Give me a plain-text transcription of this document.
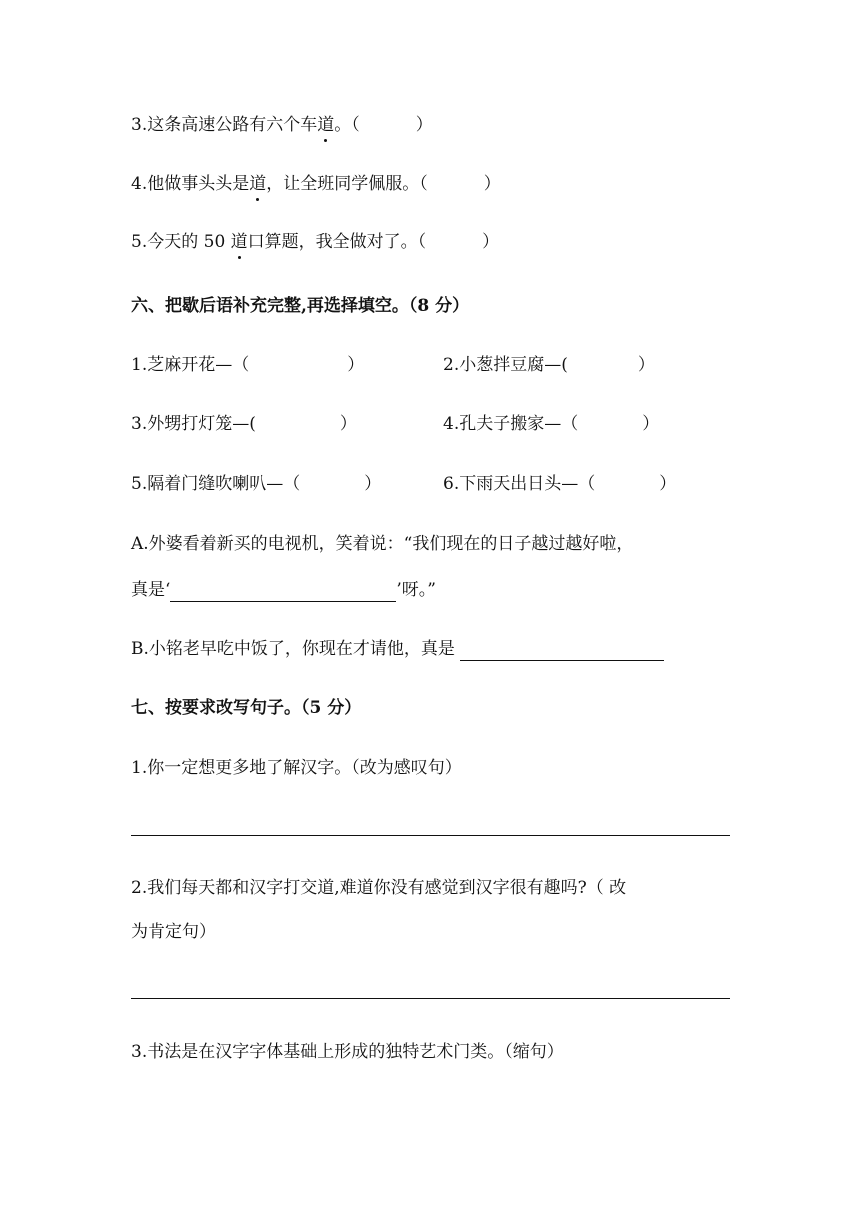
3.这条高速公路有六个车道。（	）
4.他做事头头是道，让全班同学佩服。（	）
5.今天的 50 道口算题，我全做对了。（	）
六、把歇后语补充完整,再选择填空。（8 分）
1.芝麻开花—（	）	2.小葱拌豆腐—(	）
3.外甥打灯笼—(	）	4.孔夫子搬家—（	）
5.隔着门缝吹喇叭—（	）	6.下雨天出日头—（	）
A.外婆看着新买的电视机，笑着说：“我们现在的日子越过越好啦，
真是‘	’呀。”
B.小铭老早吃中饭了，你现在才请他，真是
七、按要求改写句子。（5 分）
1.你一定想更多地了解汉字。（改为感叹句）
2.我们每天都和汉字打交道,难道你没有感觉到汉字很有趣吗?（ 改
为肯定句）
3.书法是在汉字字体基础上形成的独特艺术门类。（缩句）
